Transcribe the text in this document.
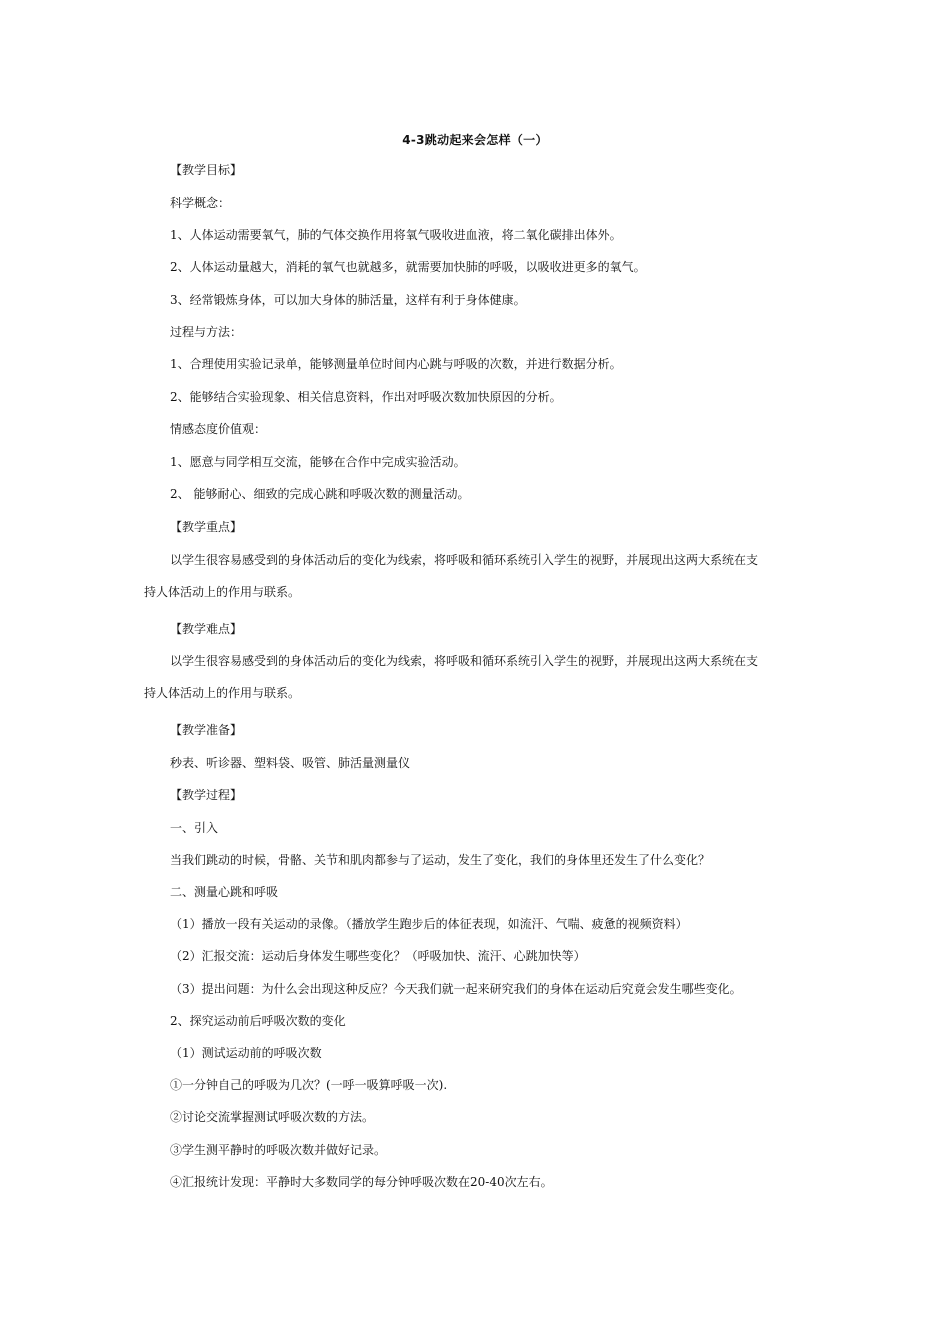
4-3跳动起来会怎样（一）
【教学目标】
科学概念：
1、人体运动需要氧气，肺的气体交换作用将氧气吸收进血液，将二氧化碳排出体外。
2、人体运动量越大，消耗的氧气也就越多，就需要加快肺的呼吸，以吸收进更多的氧气。
3、经常锻炼身体，可以加大身体的肺活量，这样有利于身体健康。
过程与方法：
1、合理使用实验记录单，能够测量单位时间内心跳与呼吸的次数，并进行数据分析。
2、能够结合实验现象、相关信息资料，作出对呼吸次数加快原因的分析。
情感态度价值观：
1、愿意与同学相互交流，能够在合作中完成实验活动。
2、 能够耐心、细致的完成心跳和呼吸次数的测量活动。
【教学重点】
以学生很容易感受到的身体活动后的变化为线索，将呼吸和循环系统引入学生的视野，并展现出这两大系统在支
持人体活动上的作用与联系。
【教学难点】
以学生很容易感受到的身体活动后的变化为线索，将呼吸和循环系统引入学生的视野，并展现出这两大系统在支
持人体活动上的作用与联系。
【教学准备】
秒表、听诊器、塑料袋、吸管、肺活量测量仪
【教学过程】
一、引入
当我们跳动的时候，骨骼、关节和肌肉都参与了运动，发生了变化，我们的身体里还发生了什么变化？
二、测量心跳和呼吸
（1）播放一段有关运动的录像。（播放学生跑步后的体征表现，如流汗、气喘、疲惫的视频资料）
（2）汇报交流：运动后身体发生哪些变化？（呼吸加快、流汗、心跳加快等）
（3）提出问题：为什么会出现这种反应？今天我们就一起来研究我们的身体在运动后究竟会发生哪些变化。
2、探究运动前后呼吸次数的变化
（1）测试运动前的呼吸次数
①一分钟自己的呼吸为几次？(一呼一吸算呼吸一次).
②讨论交流掌握测试呼吸次数的方法。
③学生测平静时的呼吸次数并做好记录。
④汇报统计发现：平静时大多数同学的每分钟呼吸次数在20-40次左右。
